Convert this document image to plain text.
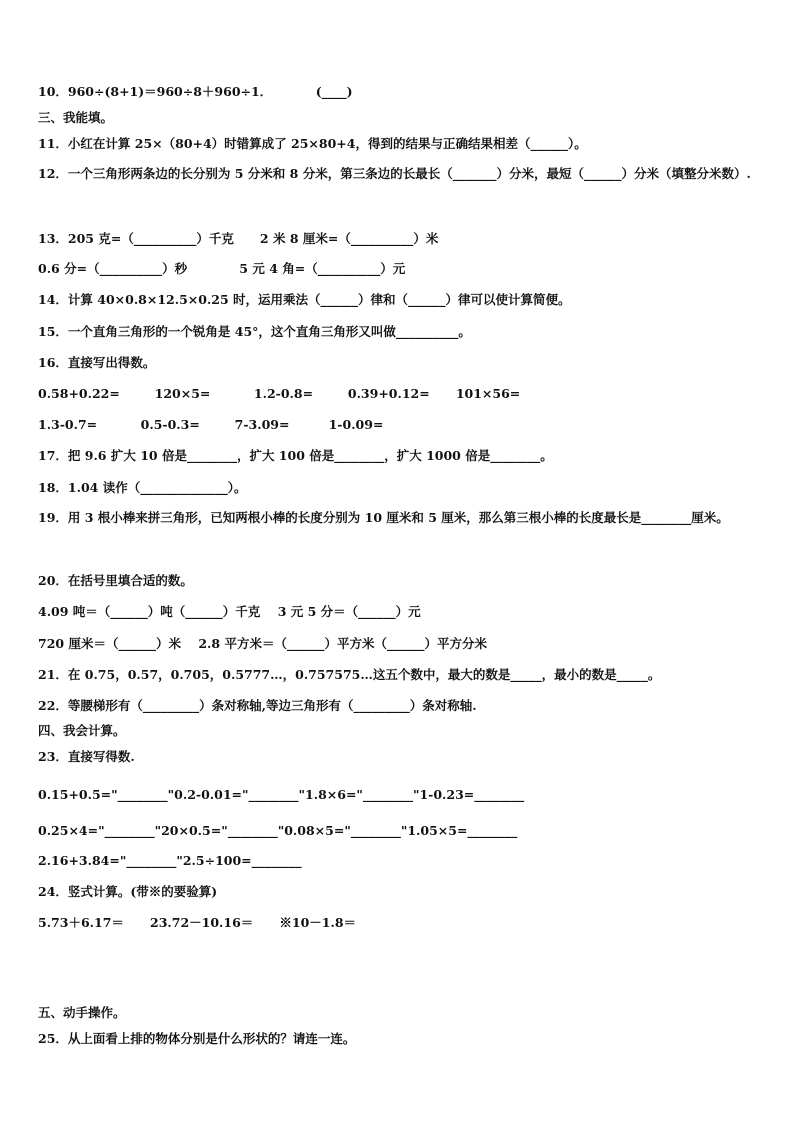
10．960÷(8+1)＝960÷8＋960÷1．          (____)
三、我能填。
11．小红在计算 25×（80+4）时错算成了 25×80+4，得到的结果与正确结果相差（______）。
12．一个三角形两条边的长分别为 5 分米和 8 分米，第三条边的长最长（_______）分米，最短（______）分米（填整分米数）.
13．205 克=（__________）千克      2 米 8 厘米=（__________）米
0.6 分=（__________）秒            5 元 4 角=（__________）元
14．计算 40×0.8×12.5×0.25 时，运用乘法（______）律和（______）律可以使计算简便。
15．一个直角三角形的一个锐角是 45°，这个直角三角形又叫做__________。
16．直接写出得数。
0.58+0.22=        120×5=          1.2-0.8=        0.39+0.12=      101×56=
1.3-0.7=          0.5-0.3=        7-3.09=         1-0.09=
17．把 9.6 扩大 10 倍是________，扩大 100 倍是________，扩大 1000 倍是________。
18．1.04 读作（______________）。
19．用 3 根小棒来拼三角形，已知两根小棒的长度分别为 10 厘米和 5 厘米，那么第三根小棒的长度最长是________厘米。
20．在括号里填合适的数。
4.09 吨＝（______）吨（______）千克    3 元 5 分＝（______）元
720 厘米＝（______）米    2.8 平方米＝（______）平方米（______）平方分米
21．在 0.75，0.57，0.705，0.5777…，0.757575…这五个数中，最大的数是_____，最小的数是_____。
22．等腰梯形有（_________）条对称轴,等边三角形有（_________）条对称轴.
四、我会计算。
23．直接写得数.
0.15+0.5="________"0.2-0.01="________"1.8×6="________"1-0.23=________
0.25×4="________"20×0.5="________"0.08×5="________"1.05×5=________
2.16+3.84="________"2.5÷100=________
24．竖式计算。(带※的要验算)
5.73＋6.17＝      23.72－10.16＝      ※10－1.8＝
五、动手操作。
25．从上面看上排的物体分别是什么形状的？请连一连。
